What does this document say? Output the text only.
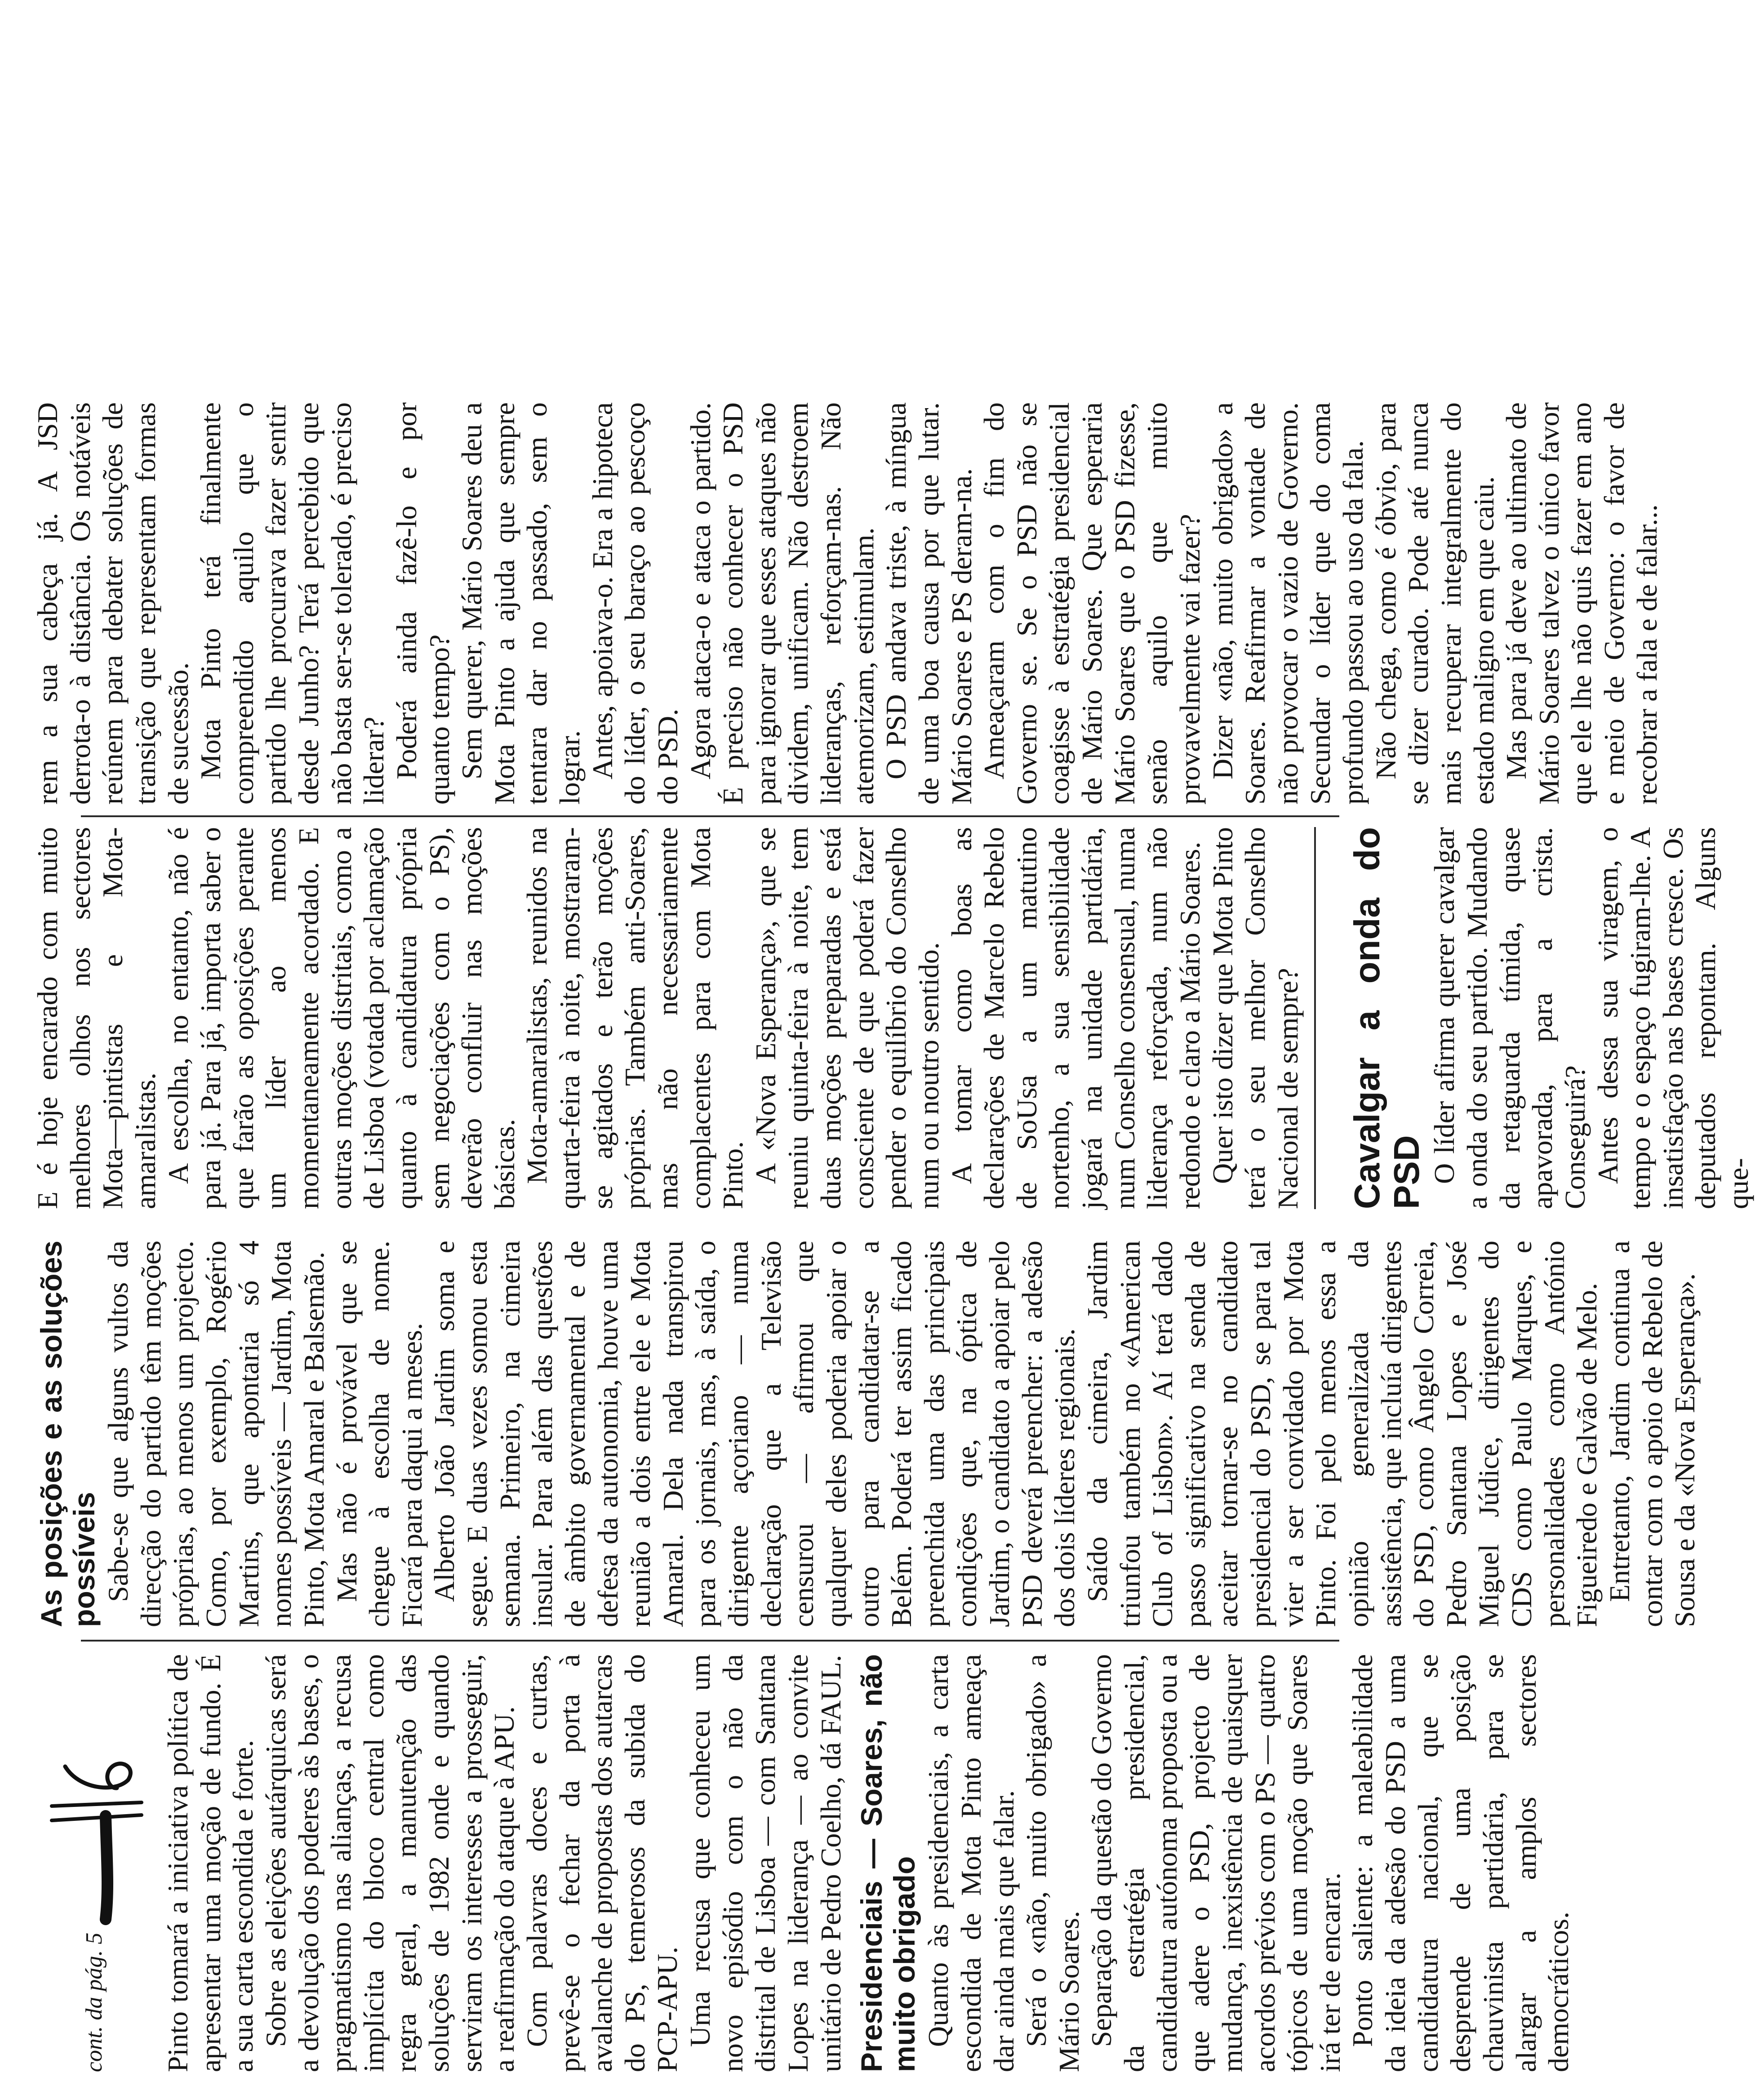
cont. da pág. 5 Pinto tomará a iniciativa política de apresentar uma moção de fundo. É a sua carta escondida e forte. Sobre as eleições autárquicas será a devolução dos poderes às bases, o pragmatismo nas alianças, a recusa implícita do bloco central como regra geral, a manutenção das soluções de 1982 onde e quando serviram os interesses a prosseguir, a reafirmação do ataque à APU. Com palavras doces e curtas, prevê-se o fechar da porta à avalanche de propostas dos autarcas do PS, temerosos da subida do PCP-APU. Uma recusa que conheceu um novo episódio com o não da distrital de Lisboa — com Santana Lopes na liderança — ao convite unitário de Pedro Coelho, dá FAUL. Presidenciais — Soares, não muito obrigado Quanto às presidenciais, a carta escondida de Mota Pinto ameaça dar ainda mais que falar. Será o «não, muito obrigado» a Mário Soares. Separação da questão do Governo da estratégia presidencial, candidatura autónoma proposta ou a que adere o PSD, projecto de mudança, inexistência de quaisquer acordos prévios com o PS — quatro tópicos de uma moção que Soares irá ter de encarar. Ponto saliente: a maleabilidade da ideia da adesão do PSD a uma candidatura nacional, que se desprende de uma posição chauvinista partidária, para se alargar a amplos sectores democráticos.

As posições e as soluções possíveis Sabe-se que alguns vultos da direcção do partido têm moções próprias, ao menos um projecto. Como, por exemplo, Rogério Martins, que apontaria só 4 nomes possíveis — Jardim, Mota Pinto, Mota Amaral e Balsemão. Mas não é provável que se chegue à escolha de nome. Ficará para daqui a meses. Alberto João Jardim soma e segue. E duas vezes somou esta semana. Primeiro, na cimeira insular. Para além das questões de âmbito governamental e de defesa da autonomia, houve uma reunião a dois entre ele e Mota Amaral. Dela nada transpirou para os jornais, mas, à saída, o dirigente açoriano — numa declaração que a Televisão censurou — afirmou que qualquer deles poderia apoiar o outro para candidatar-se a Belém. Poderá ter assim ficado preenchida uma das principais condições que, na óptica de Jardim, o candidato a apoiar pelo PSD deverá preencher: a adesão dos dois líderes regionais. Saído da cimeira, Jardim triunfou também no «American Club of Lisbon». Aí terá dado passo significativo na senda de aceitar tornar-se no candidato presidencial do PSD, se para tal vier a ser convidado por Mota Pinto. Foi pelo menos essa a opinião generalizada da assistência, que incluía dirigentes do PSD, como Ângelo Correia, Pedro Santana Lopes e José Miguel Júdice, dirigentes do CDS como Paulo Marques, e personalidades como António Figueiredo e Galvão de Melo. Entretanto, Jardim continua a contar com o apoio de Rebelo de Sousa e da «Nova Esperança».

E é hoje encarado com muito melhores olhos nos sectores Mota—pintistas e Mota-amaralistas. A escolha, no entanto, não é para já. Para já, importa saber o que farão as oposições perante um líder ao menos momentaneamente acordado. E outras moções distritais, como a de Lisboa (votada por aclamação quanto à candidatura própria sem negociações com o PS), deverão confluir nas moções básicas. Mota-amaralistas, reunidos na quarta-feira à noite, mostraram-se agitados e terão moções próprias. Também anti-Soares, mas não necessariamente complacentes para com Mota Pinto. A «Nova Esperança», que se reuniu quinta-feira à noite, tem duas moções preparadas e está consciente de que poderá fazer pender o equilíbrio do Conselho num ou noutro sentido. A tomar como boas as declarações de Marcelo Rebelo de SoUsa a um matutino nortenho, a sua sensibilidade jogará na unidade partidária, num Conselho consensual, numa liderança reforçada, num não redondo e claro a Mário Soares. Quer isto dizer que Mota Pinto terá o seu melhor Conselho Nacional de sempre? Cavalgar a onda do PSD O líder afirma querer cavalgar a onda do seu partido. Mudando da retaguarda tímida, quase apavorada, para a crista. Conseguirá? Antes dessa sua viragem, o tempo e o espaço fugiram-lhe. A insatisfação nas bases cresce. Os deputados repontam. Alguns que-

rem a sua cabeça já. A JSD derrota-o à distância. Os notáveis reúnem para debater soluções de transição que representam formas de sucessão. Mota Pinto terá finalmente compreendido aquilo que o partido lhe procurava fazer sentir desde Junho? Terá percebido que não basta ser-se tolerado, é preciso liderar? Poderá ainda fazê-lo e por quanto tempo? Sem querer, Mário Soares deu a Mota Pinto a ajuda que sempre tentara dar no passado, sem o lograr. Antes, apoiava-o. Era a hipoteca do líder, o seu baraço ao pescoço do PSD. Agora ataca-o e ataca o partido. É preciso não conhecer o PSD para ignorar que esses ataques não dividem, unificam. Não destroem lideranças, reforçam-nas. Não atemorizam, estimulam. O PSD andava triste, à míngua de uma boa causa por que lutar. Mário Soares e PS deram-na. Ameaçaram com o fim do Governo se. Se o PSD não se coagisse à estratégia presidencial de Mário Soares. Que esperaria Mário Soares que o PSD fizesse, senão aquilo que muito provavelmente vai fazer? Dizer «não, muito obrigado» a Soares. Reafirmar a vontade de não provocar o vazio de Governo. Secundar o líder que do coma profundo passou ao uso da fala. Não chega, como é óbvio, para se dizer curado. Pode até nunca mais recuperar integralmente do estado maligno em que caiu. Mas para já deve ao ultimato de Mário Soares talvez o único favor que ele lhe não quis fazer em ano e meio de Governo: o favor de recobrar a fala e de falar...
